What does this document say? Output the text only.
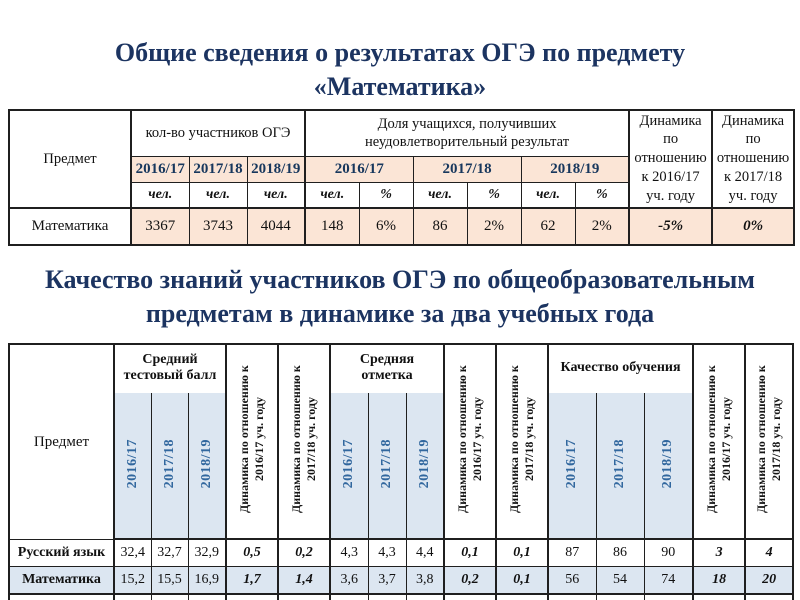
Общие сведения о результатах ОГЭ по предмету «Математика»
Предмет	кол-во участников ОГЭ			Доля учащихся, получивших неудовлетворительный результат						Динамика по отношению к 2016/17 уч. году	Динамика по отношению к 2017/18 уч. году
	2016/17	2017/18	2018/19	2016/17		2017/18		2018/19			
	чел.	чел.	чел.	чел.	%	чел.	%	чел.	%		
Математика	3367	3743	4044	148	6%	86	2%	62	2%	-5%	0%
Качество знаний участников ОГЭ по общеобразовательным предметам в динамике за два учебных года
Предмет	Средний тестовый балл			Динамика по отношению к 2016/17 уч. году	Динамика по отношению к 2017/18 уч. году	Средняя отметка			Динамика по отношению к 2016/17 уч. году	Динамика по отношению к 2017/18 уч. году	Качество обучения			Динамика по отношению к 2016/17 уч. году	Динамика по отношению к 2017/18 уч. году
	2016/17	2017/18	2018/19			2016/17	2017/18	2018/19			2016/17	2017/18	2018/19		
Русский язык	32,4	32,7	32,9	0,5	0,2	4,3	4,3	4,4	0,1	0,1	87	86	90	3	4
Математика	15,2	15,5	16,9	1,7	1,4	3,6	3,7	3,8	0,2	0,1	56	54	74	18	20
